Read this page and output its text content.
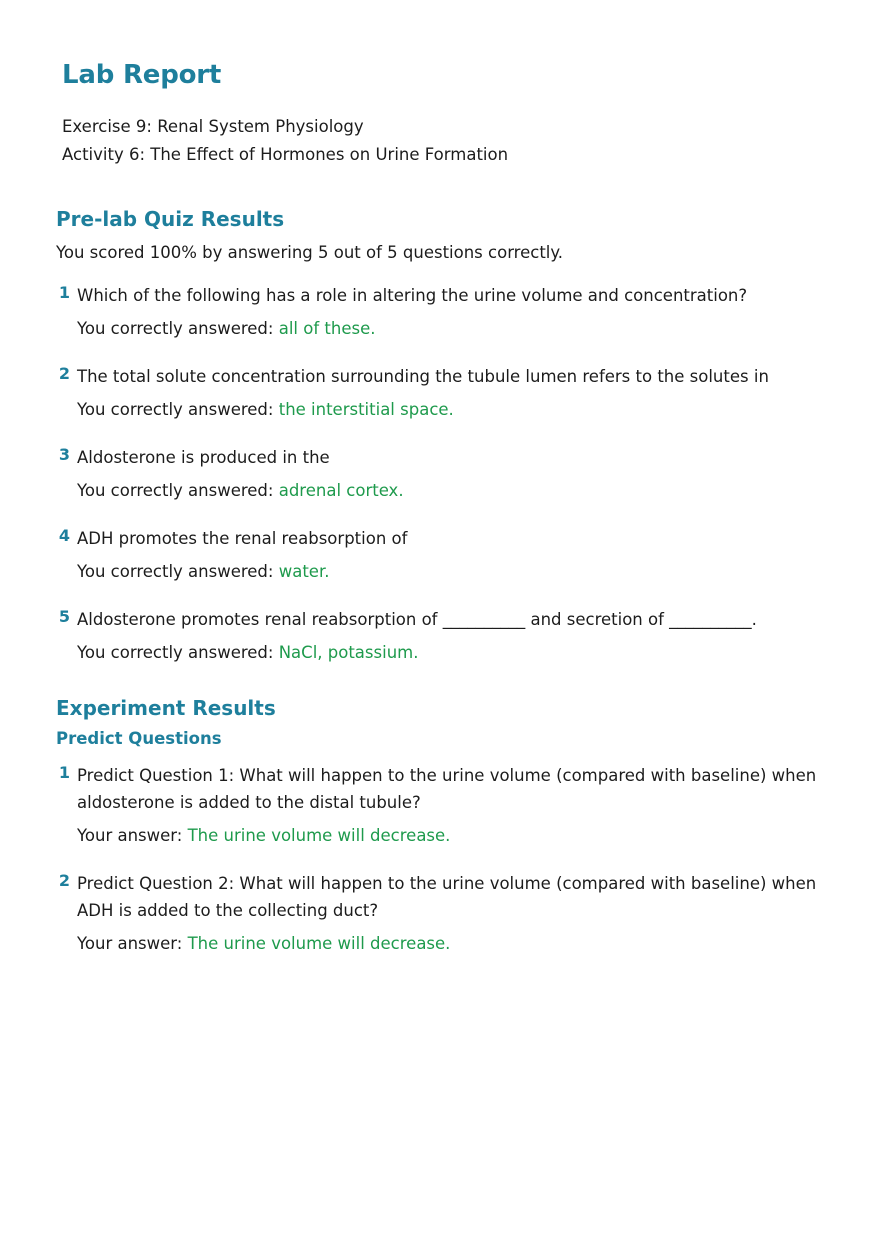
Lab Report
Exercise 9: Renal System Physiology
Activity 6: The Effect of Hormones on Urine Formation
Pre-lab Quiz Results
You scored 100% by answering 5 out of 5 questions correctly.
1 Which of the following has a role in altering the urine volume and concentration?
You correctly answered: all of these.
2 The total solute concentration surrounding the tubule lumen refers to the solutes in
You correctly answered: the interstitial space.
3 Aldosterone is produced in the
You correctly answered: adrenal cortex.
4 ADH promotes the renal reabsorption of
You correctly answered: water.
5 Aldosterone promotes renal reabsorption of __________ and secretion of __________.
You correctly answered: NaCl, potassium.
Experiment Results
Predict Questions
1 Predict Question 1: What will happen to the urine volume (compared with baseline) when aldosterone is added to the distal tubule?
Your answer: The urine volume will decrease.
2 Predict Question 2: What will happen to the urine volume (compared with baseline) when ADH is added to the collecting duct?
Your answer: The urine volume will decrease.
